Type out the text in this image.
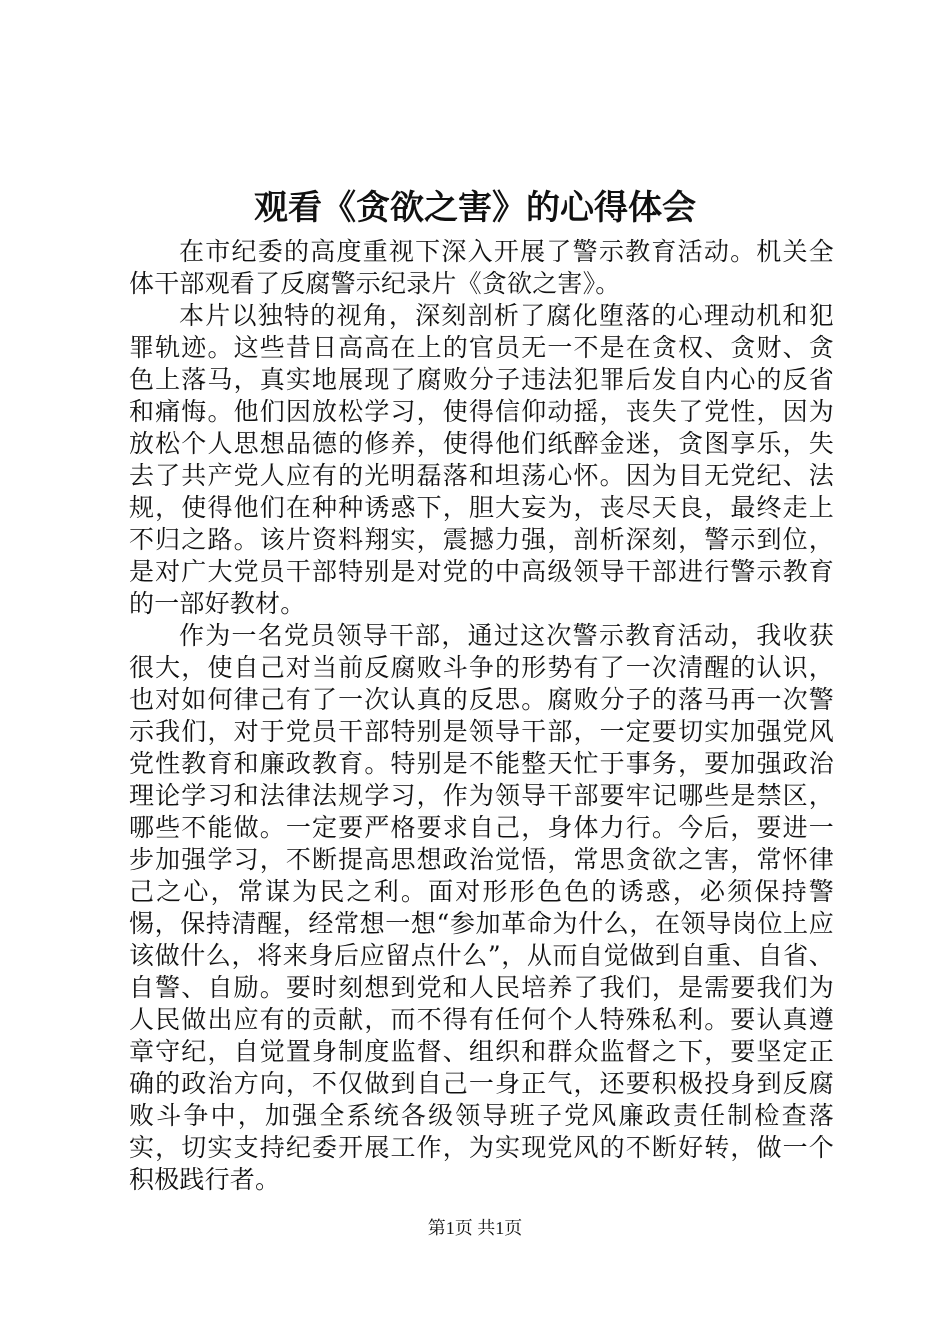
观看《贪欲之害》的心得体会

在市纪委的高度重视下深入开展了警示教育活动。机关全体干部观看了反腐警示纪录片《贪欲之害》。

本片以独特的视角，深刻剖析了腐化堕落的心理动机和犯罪轨迹。这些昔日高高在上的官员无一不是在贪权、贪财、贪色上落马，真实地展现了腐败分子违法犯罪后发自内心的反省和痛悔。他们因放松学习，使得信仰动摇，丧失了党性，因为放松个人思想品德的修养，使得他们纸醉金迷，贪图享乐，失去了共产党人应有的光明磊落和坦荡心怀。因为目无党纪、法规，使得他们在种种诱惑下，胆大妄为，丧尽天良，最终走上不归之路。该片资料翔实，震撼力强，剖析深刻，警示到位，是对广大党员干部特别是对党的中高级领导干部进行警示教育的一部好教材。

作为一名党员领导干部，通过这次警示教育活动，我收获很大，使自己对当前反腐败斗争的形势有了一次清醒的认识，也对如何律己有了一次认真的反思。腐败分子的落马再一次警示我们，对于党员干部特别是领导干部，一定要切实加强党风党性教育和廉政教育。特别是不能整天忙于事务，要加强政治理论学习和法律法规学习，作为领导干部要牢记哪些是禁区，哪些不能做。一定要严格要求自己，身体力行。今后，要进一步加强学习，不断提高思想政治觉悟，常思贪欲之害，常怀律己之心，常谋为民之利。面对形形色色的诱惑，必须保持警惕，保持清醒，经常想一想“参加革命为什么，在领导岗位上应该做什么，将来身后应留点什么”，从而自觉做到自重、自省、自警、自励。要时刻想到党和人民培养了我们，是需要我们为人民做出应有的贡献，而不得有任何个人特殊私利。要认真遵章守纪，自觉置身制度监督、组织和群众监督之下，要坚定正确的政治方向，不仅做到自己一身正气，还要积极投身到反腐败斗争中，加强全系统各级领导班子党风廉政责任制检查落实，切实支持纪委开展工作，为实现党风的不断好转，做一个积极践行者。

第1页 共1页
